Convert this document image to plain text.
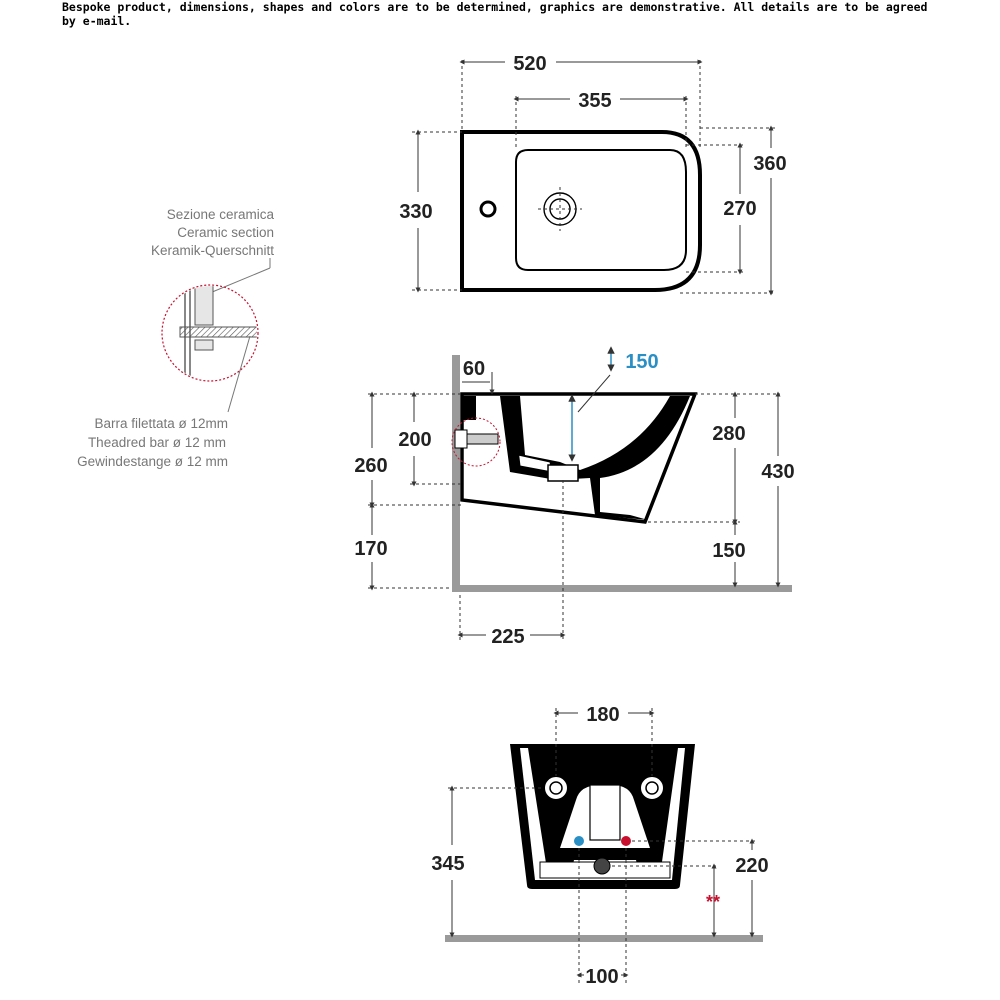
Bespoke product, dimensions, shapes and colors are to be determined, graphics are demonstrative. All details are to be agreed by e-mail.
520
355
330
360
270
Sezione ceramica
Ceramic section
Keramik-Querschnitt
Barra filettata ø 12mm
Theadred bar ø 12 mm
Gewindestange ø 12 mm
60	150
200
260
170
280
430
150
225
180
345	220
**
100
